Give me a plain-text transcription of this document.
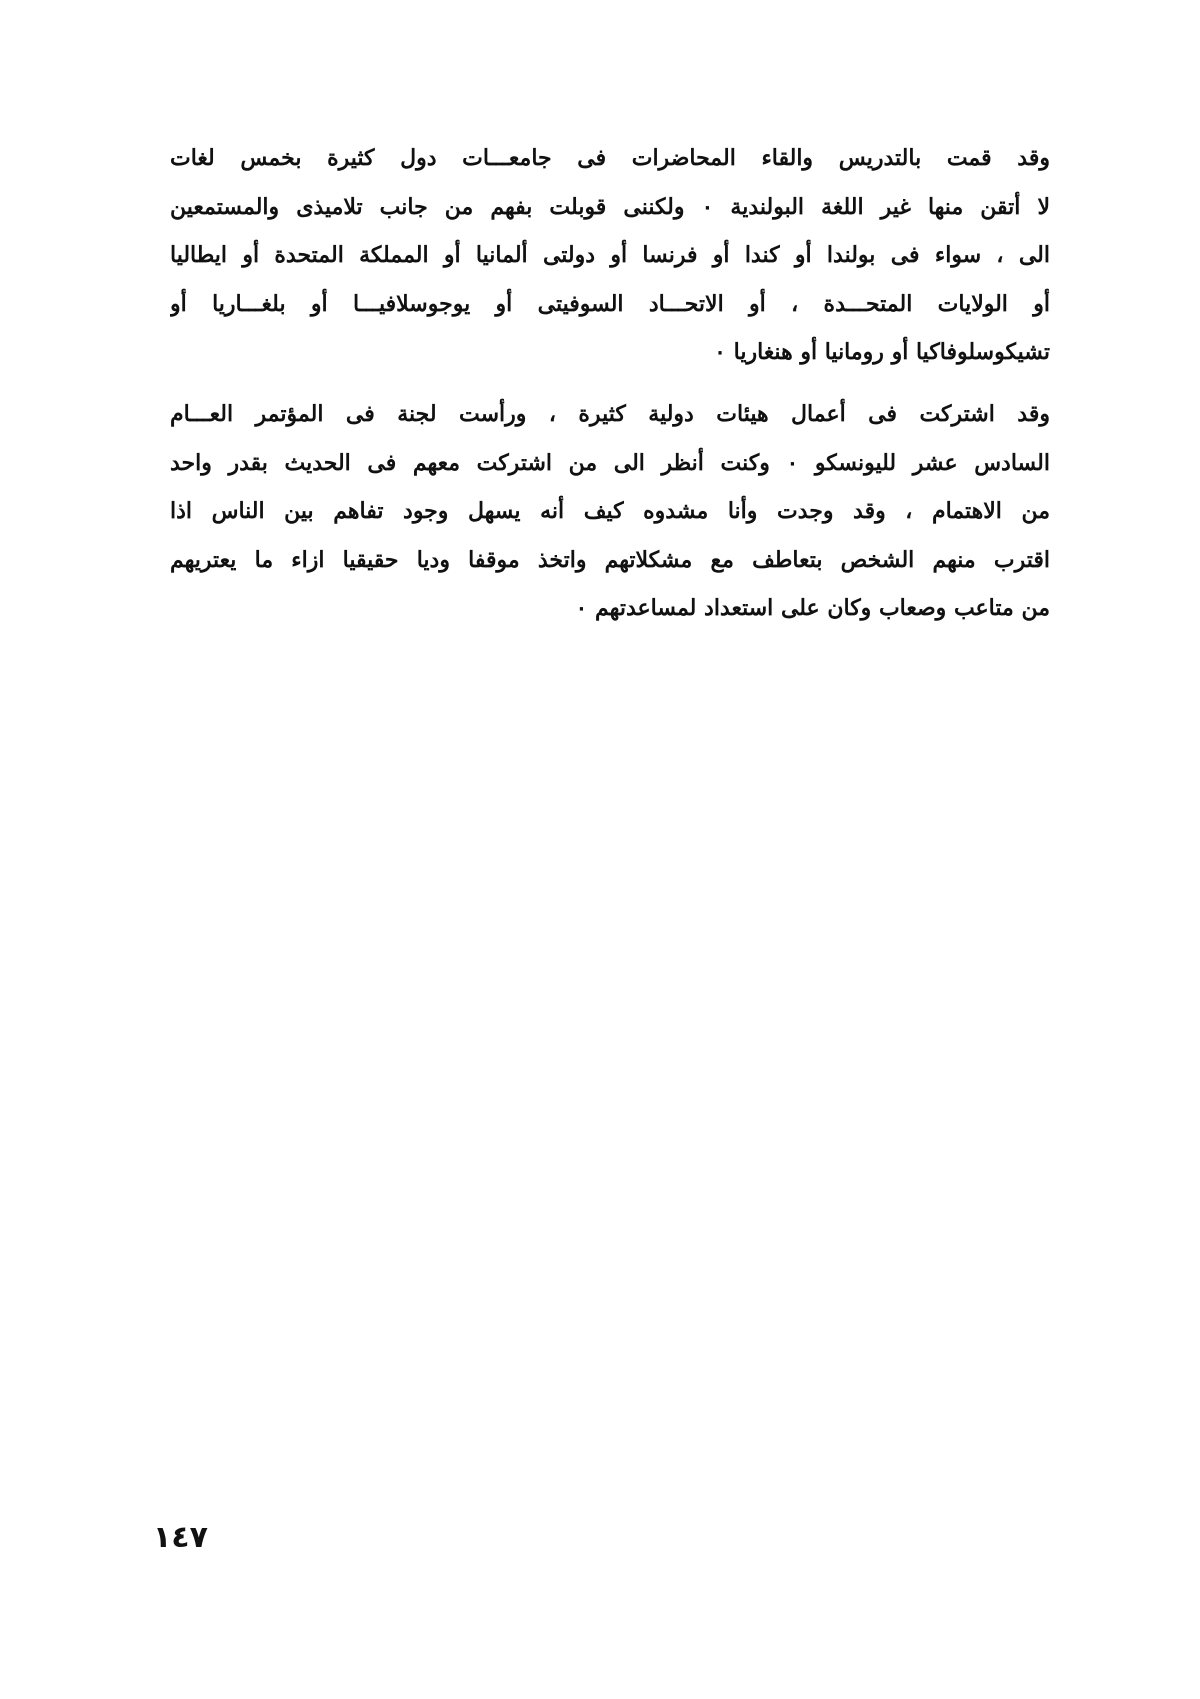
وقد قمت بالتدريس والقاء المحاضرات فى جامعـــات دول كثيرة بخمس لغات
لا أتقن منها غير اللغة البولندية ٠ ولكننى قوبلت بفهم من جانب تلاميذى والمستمعين
الى ، سواء فى بولندا أو كندا أو فرنسا أو دولتى ألمانيا أو المملكة المتحدة أو ايطاليا
أو الولايات المتحـــدة ، أو الاتحـــاد السوفيتى أو يوجوسلافيـــا أو بلغـــاريا أو
تشيكوسلوفاكيا أو رومانيا أو هنغاريا ٠
وقد اشتركت فى أعمال هيئات دولية كثيرة ، ورأست لجنة فى المؤتمر العـــام
السادس عشر لليونسكو ٠ وكنت أنظر الى من اشتركت معهم فى الحديث بقدر واحد
من الاهتمام ، وقد وجدت وأنا مشدوه كيف أنه يسهل وجود تفاهم بين الناس اذا
اقترب منهم الشخص بتعاطف مع مشكلاتهم واتخذ موقفا وديا حقيقيا ازاء ما يعتريهم
من متاعب وصعاب وكان على استعداد لمساعدتهم ٠
١٤٧
